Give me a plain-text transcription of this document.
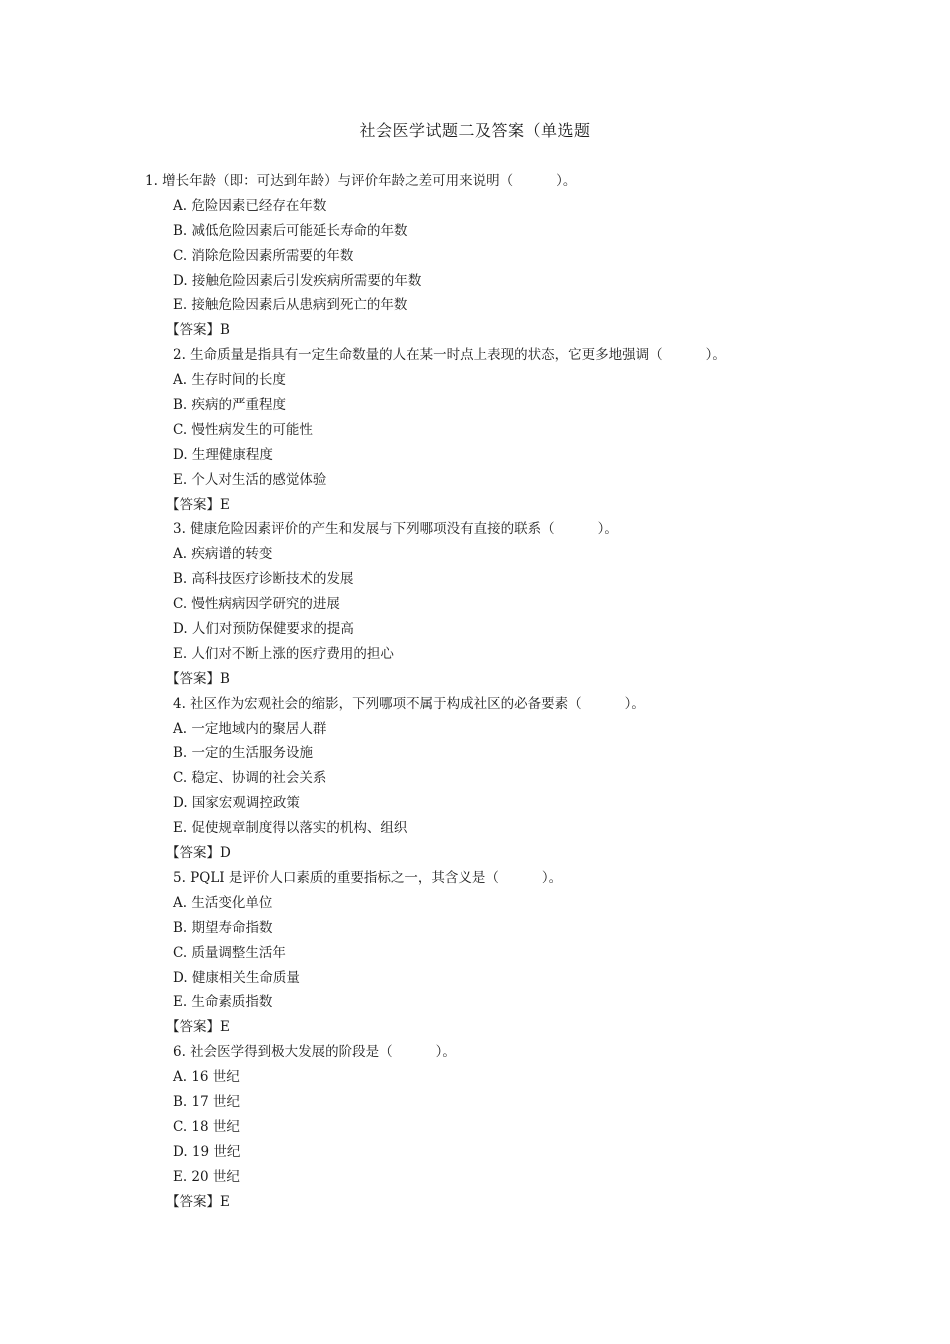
社会医学试题二及答案（单选题
1. 增长年龄（即：可达到年龄）与评价年龄之差可用来说明（          ）。
A. 危险因素已经存在年数
B. 减低危险因素后可能延长寿命的年数
C. 消除危险因素所需要的年数
D. 接触危险因素后引发疾病所需要的年数
E. 接触危险因素后从患病到死亡的年数
【答案】B
2. 生命质量是指具有一定生命数量的人在某一时点上表现的状态，它更多地强调（          ）。
A. 生存时间的长度
B. 疾病的严重程度
C. 慢性病发生的可能性
D. 生理健康程度
E. 个人对生活的感觉体验
【答案】E
3. 健康危险因素评价的产生和发展与下列哪项没有直接的联系（          ）。
A. 疾病谱的转变
B. 高科技医疗诊断技术的发展
C. 慢性病病因学研究的进展
D. 人们对预防保健要求的提高
E. 人们对不断上涨的医疗费用的担心
【答案】B
4. 社区作为宏观社会的缩影，下列哪项不属于构成社区的必备要素（          ）。
A. 一定地域内的聚居人群
B. 一定的生活服务设施
C. 稳定、协调的社会关系
D. 国家宏观调控政策
E. 促使规章制度得以落实的机构、组织
【答案】D
5. PQLI 是评价人口素质的重要指标之一，其含义是（          ）。
A. 生活变化单位
B. 期望寿命指数
C. 质量调整生活年
D. 健康相关生命质量
E. 生命素质指数
【答案】E
6. 社会医学得到极大发展的阶段是（          ）。
A. 16 世纪
B. 17 世纪
C. 18 世纪
D. 19 世纪
E. 20 世纪
【答案】E
